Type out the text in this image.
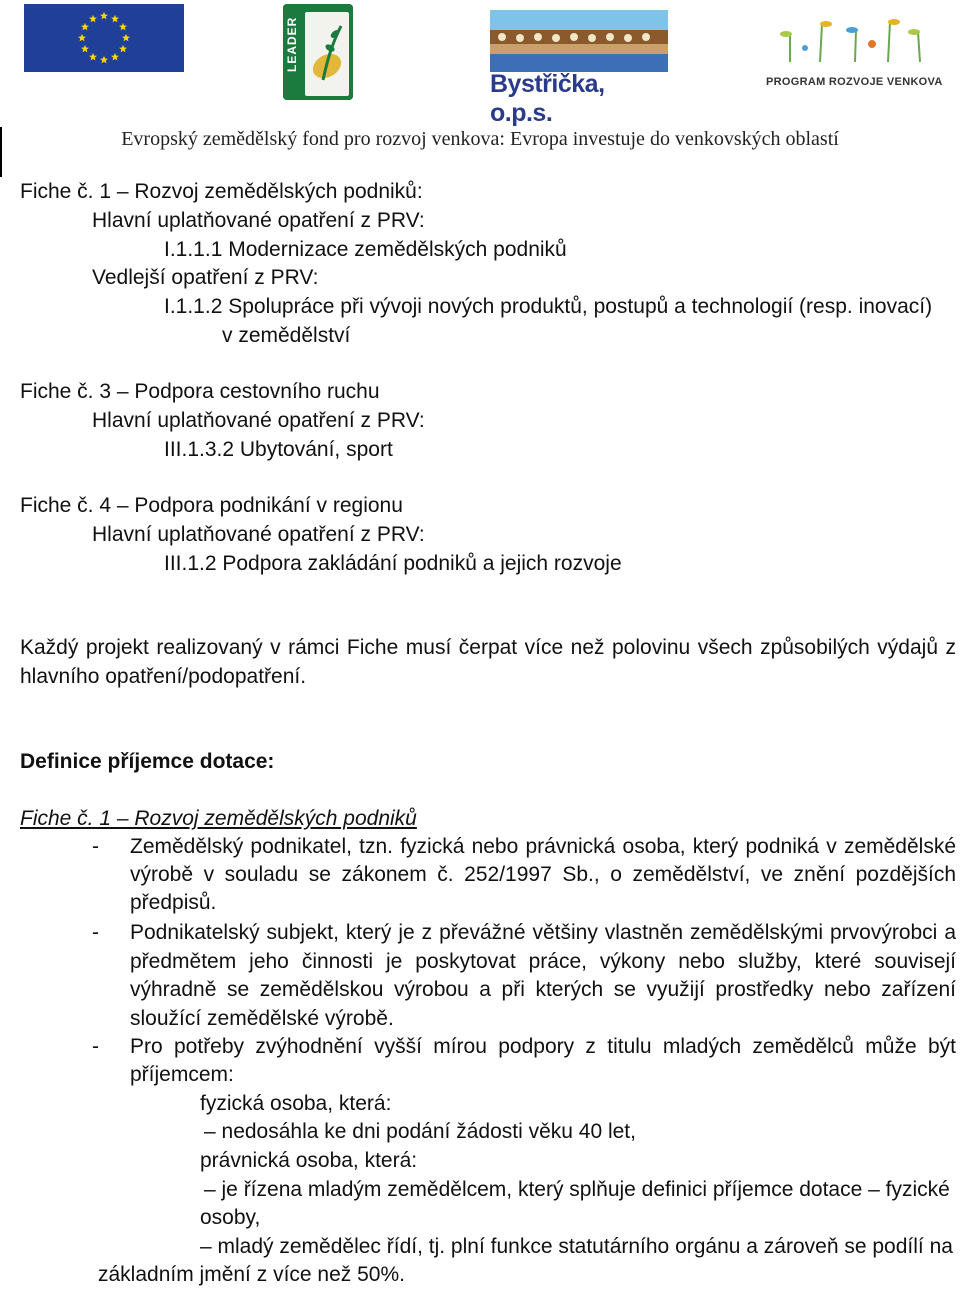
LEADER
Bystřička, o.p.s.
PROGRAM ROZVOJE VENKOVA
Evropský zemědělský fond pro rozvoj venkova: Evropa investuje do venkovských oblastí
Fiche č. 1 – Rozvoj zemědělských podniků:
Hlavní uplatňované opatření z PRV:
I.1.1.1 Modernizace zemědělských podniků
Vedlejší opatření z PRV:
I.1.1.2 Spolupráce při vývoji nových produktů, postupů a technologií (resp. inovací)
v zemědělství
Fiche č. 3 – Podpora cestovního ruchu
Hlavní uplatňované opatření z PRV:
III.1.3.2 Ubytování, sport
Fiche č. 4 – Podpora podnikání v regionu
Hlavní uplatňované opatření z PRV:
III.1.2 Podpora zakládání podniků a jejich rozvoje
Každý projekt realizovaný v rámci Fiche musí čerpat více než polovinu všech způsobilých výdajů z hlavního opatření/podopatření.
Definice příjemce dotace:
Fiche č. 1 – Rozvoj zemědělských podniků
- Zemědělský podnikatel, tzn. fyzická nebo právnická osoba, který podniká v zemědělské výrobě v souladu se zákonem č. 252/1997 Sb., o zemědělství, ve znění pozdějších předpisů.
- Podnikatelský subjekt, který je z převážné většiny vlastněn zemědělskými prvovýrobci a předmětem jeho činnosti je poskytovat práce, výkony nebo služby, které souvisejí výhradně se zemědělskou výrobou a při kterých se využijí prostředky nebo zařízení sloužící zemědělské výrobě.
- Pro potřeby zvýhodnění vyšší mírou podpory z titulu mladých zemědělců může být příjemcem:
fyzická osoba, která:
– nedosáhla ke dni podání žádosti věku 40 let,
právnická osoba, která:
– je řízena mladým zemědělcem, který splňuje definici příjemce dotace – fyzické
osoby,
– mladý zemědělec řídí, tj. plní funkce statutárního orgánu a zároveň se podílí na
základním jmění z více než 50%.
